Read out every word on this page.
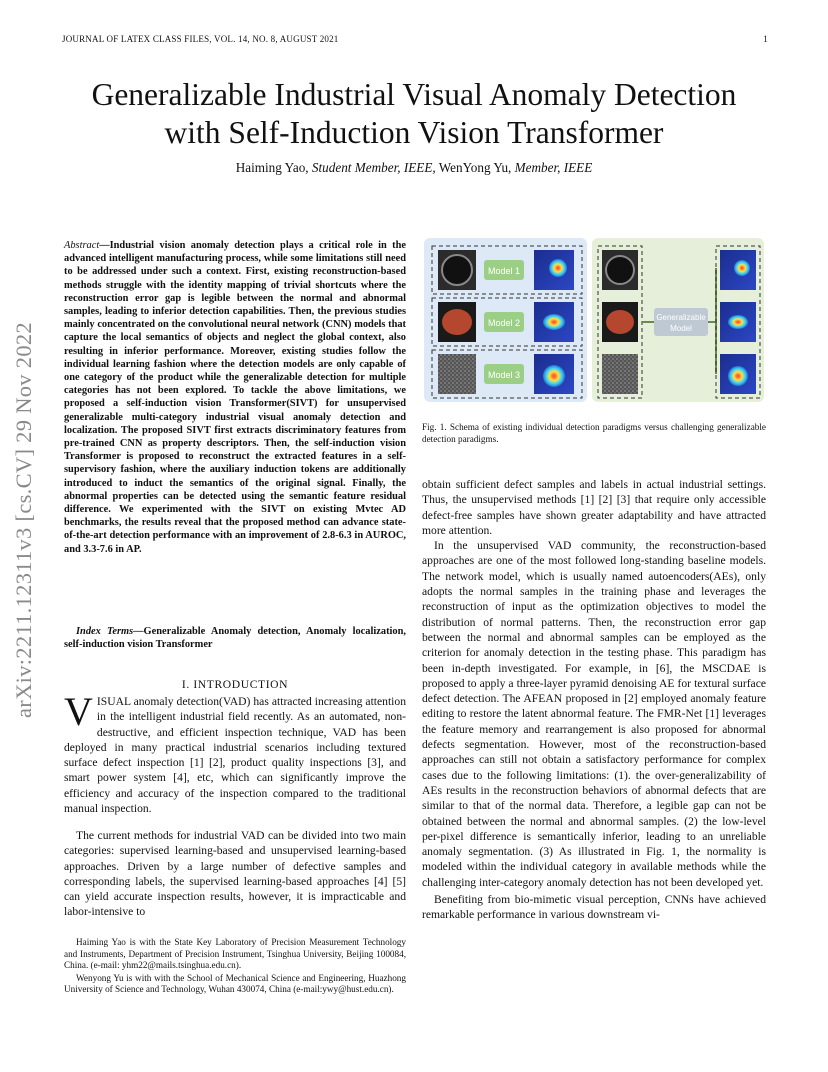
JOURNAL OF LATEX CLASS FILES, VOL. 14, NO. 8, AUGUST 2021	1
Generalizable Industrial Visual Anomaly Detection
with Self-Induction Vision Transformer
Haiming Yao, Student Member, IEEE, WenYong Yu, Member, IEEE
arXiv:2211.12311v3 [cs.CV] 29 Nov 2022
Abstract—Industrial vision anomaly detection plays a critical role in the advanced intelligent manufacturing process, while some limitations still need to be addressed under such a context. First, existing reconstruction-based methods struggle with the identity mapping of trivial shortcuts where the reconstruction error gap is legible between the normal and abnormal samples, leading to inferior detection capabilities. Then, the previous studies mainly concentrated on the convolutional neural network (CNN) models that capture the local semantics of objects and neglect the global context, also resulting in inferior performance. Moreover, existing studies follow the individual learning fashion where the detection models are only capable of one category of the product while the generalizable detection for multiple categories has not been explored. To tackle the above limitations, we proposed a self-induction vision Transformer(SIVT) for unsupervised generalizable multi-category industrial visual anomaly detection and localization. The proposed SIVT first extracts discriminatory features from pre-trained CNN as property descriptors. Then, the self-induction vision Transformer is proposed to reconstruct the extracted features in a self-supervisory fashion, where the auxiliary induction tokens are additionally introduced to induct the semantics of the original signal. Finally, the abnormal properties can be detected using the semantic feature residual difference. We experimented with the SIVT on existing Mvtec AD benchmarks, the results reveal that the proposed method can advance state-of-the-art detection performance with an improvement of 2.8-6.3 in AUROC, and 3.3-7.6 in AP.
Index Terms—Generalizable Anomaly detection, Anomaly localization, self-induction vision Transformer
I. INTRODUCTION
V ISUAL anomaly detection(VAD) has attracted increasing attention in the intelligent industrial field recently. As an automated, non-destructive, and efficient inspection technique, VAD has been deployed in many practical industrial scenarios including textured surface defect inspection [1] [2], product quality inspections [3], and smart power system [4], etc, which can significantly improve the efficiency and accuracy of the inspection compared to the traditional manual inspection.

The current methods for industrial VAD can be divided into two main categories: supervised learning-based and unsupervised learning-based approaches. Driven by a large number of defective samples and corresponding labels, the supervised learning-based approaches [4] [5] can yield accurate inspection results, however, it is impracticable and labor-intensive to

Haiming Yao is with the State Key Laboratory of Precision Measurement Technology and Instruments, Department of Precision Instrument, Tsinghua University, Beijing 100084, China. (e-mail: yhm22@mails.tsinghua.edu.cn).

Wenyong Yu is with with the School of Mechanical Science and Engineering, Huazhong University of Science and Technology, Wuhan 430074, China (e-mail:ywy@hust.edu.cn).

Model 1
Model 2
Model 3
Generalizable
Model
Fig. 1. Schema of existing individual detection paradigms versus challenging generalizable detection paradigms.

obtain sufficient defect samples and labels in actual industrial settings. Thus, the unsupervised methods [1] [2] [3] that require only accessible defect-free samples have shown greater adaptability and have attracted more attention.

In the unsupervised VAD community, the reconstruction-based approaches are one of the most followed long-standing baseline models. The network model, which is usually named autoencoders(AEs), only adopts the normal samples in the training phase and leverages the reconstruction of input as the optimization objectives to model the distribution of normal patterns. Then, the reconstruction error gap between the normal and abnormal samples can be employed as the criterion for anomaly detection in the testing phase. This paradigm has been in-depth investigated. For example, in [6], the MSCDAE is proposed to apply a three-layer pyramid denoising AE for textural surface defect detection. The AFEAN proposed in [2] employed anomaly feature editing to restore the latent abnormal feature. The FMR-Net [1] leverages the feature memory and rearrangement is also proposed for abnormal defects segmentation. However, most of the reconstruction-based approaches can still not obtain a satisfactory performance for complex cases due to the following limitations: (1). the over-generalizability of AEs results in the reconstruction behaviors of abnormal defects that are similar to that of the normal data. Therefore, a legible gap can not be obtained between the normal and abnormal samples. (2) the low-level per-pixel difference is semantically inferior, leading to an unreliable anomaly segmentation. (3) As illustrated in Fig. 1, the normality is modeled within the individual category in available methods while the challenging inter-category anomaly detection has not been developed yet.

Benefiting from bio-mimetic visual perception, CNNs have achieved remarkable performance in various downstream vi-
